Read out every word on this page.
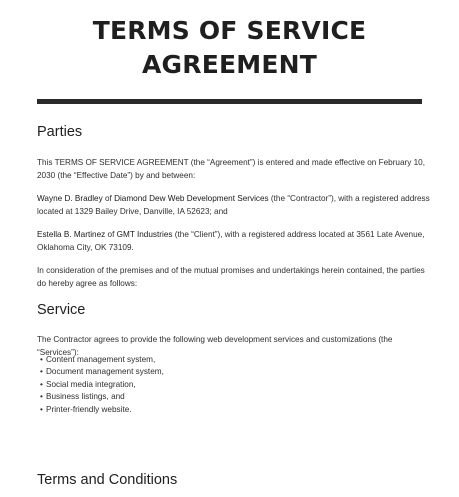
TERMS OF SERVICE
AGREEMENT
Parties

This TERMS OF SERVICE AGREEMENT (the “Agreement”) is entered and made effective on February 10, 2030 (the “Effective Date”) by and between:

Wayne D. Bradley of Diamond Dew Web Development Services (the “Contractor”), with a registered address located at 1329 Bailey Drive, Danville, IA 52623; and

Estella B. Martinez of GMT Industries (the “Client”), with a registered address located at 3561 Late Avenue, Oklahoma City, OK 73109.

In consideration of the premises and of the mutual promises and undertakings herein contained, the parties do hereby agree as follows:

Service

The Contractor agrees to provide the following web development services and customizations (the “Services”):

• Content management system,
• Document management system,
• Social media integration,
• Business listings, and
• Printer-friendly website.
Terms and Conditions
